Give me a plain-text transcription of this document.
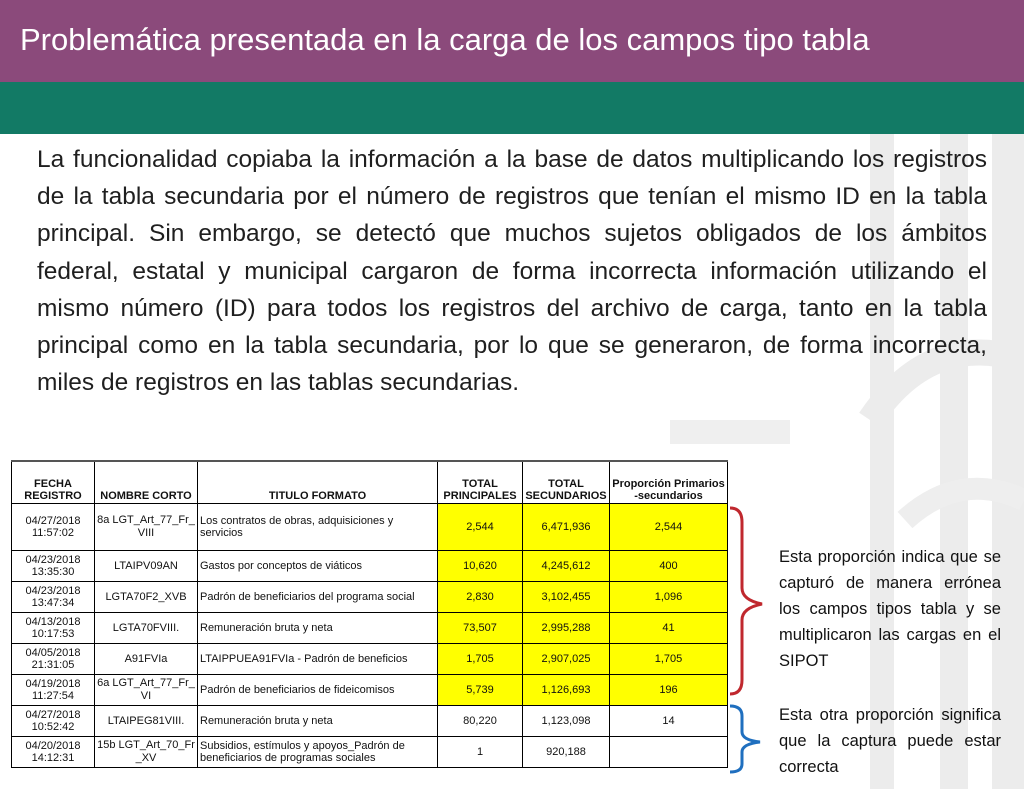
Problemática presentada en la carga de los campos tipo tabla

La funcionalidad copiaba la información a la base de datos multiplicando los registros de la tabla secundaria por el número de registros que tenían el mismo ID en la tabla principal. Sin embargo, se detectó que muchos sujetos obligados de los ámbitos federal, estatal y municipal cargaron de forma incorrecta información utilizando el mismo número (ID) para todos los registros del archivo de carga, tanto en la tabla principal como en la tabla secundaria, por lo que se generaron, de forma incorrecta, miles de registros en las tablas secundarias.

FECHA REGISTRO	NOMBRE CORTO	TITULO FORMATO	TOTAL PRINCIPALES	TOTAL SECUNDARIOS	Proporción Primarios -secundarios
04/27/2018 11:57:02	8a LGT_Art_77_Fr_VIII	Los contratos de obras, adquisiciones y servicios	2,544	6,471,936	2,544
04/23/2018 13:35:30	LTAIPV09AN	Gastos por conceptos de viáticos	10,620	4,245,612	400
04/23/2018 13:47:34	LGTA70F2_XVB	Padrón de beneficiarios del programa social	2,830	3,102,455	1,096
04/13/2018 10:17:53	LGTA70FVIII.	Remuneración bruta y neta	73,507	2,995,288	41
04/05/2018 21:31:05	A91FVIa	LTAIPPUEA91FVIa - Padrón de beneficios	1,705	2,907,025	1,705
04/19/2018 11:27:54	6a LGT_Art_77_Fr_VI	Padrón de beneficiarios de fideicomisos	5,739	1,126,693	196
04/27/2018 10:52:42	LTAIPEG81VIII.	Remuneración bruta y neta	80,220	1,123,098	14
04/20/2018 14:12:31	15b LGT_Art_70_Fr_XV	Subsidios, estímulos y apoyos_Padrón de beneficiarios de programas sociales	1	920,188	

Esta proporción indica que se capturó de manera errónea los campos tipos tabla y se multiplicaron las cargas en el SIPOT

Esta otra proporción significa que la captura puede estar correcta
